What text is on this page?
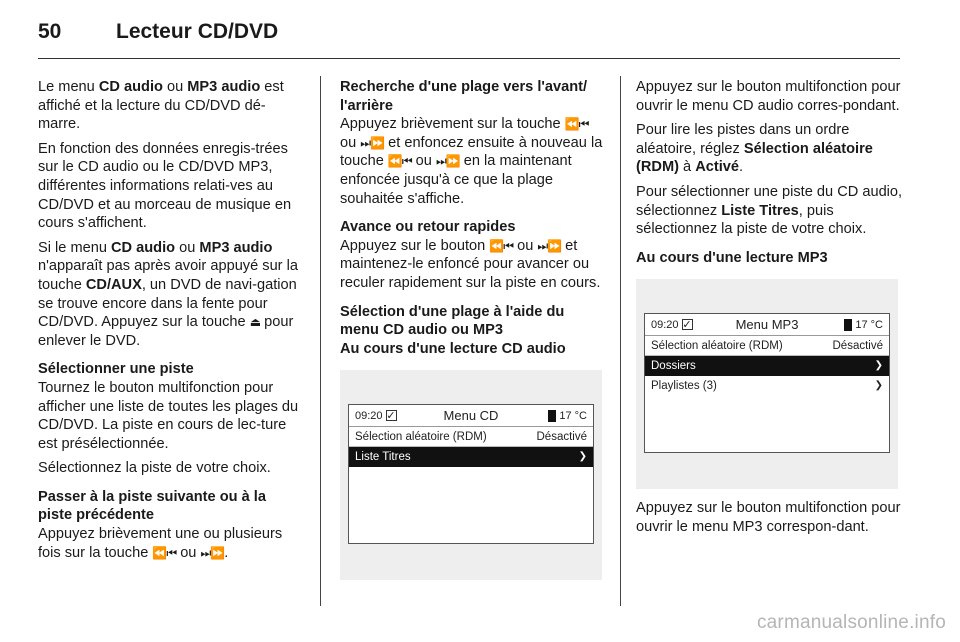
50	Lecteur CD/DVD

Le menu CD audio ou MP3 audio est affiché et la lecture du CD/DVD dé-marre.

En fonction des données enregis-trées sur le CD audio ou le CD/DVD MP3, différentes informations relati-ves au CD/DVD et au morceau de musique en cours s'affichent.

Si le menu CD audio ou MP3 audio n'apparaît pas après avoir appuyé sur la touche CD/AUX, un DVD de navi-gation se trouve encore dans la fente pour CD/DVD. Appuyez sur la touche ⏏ pour enlever le DVD.

Sélectionner une piste

Tournez le bouton multifonction pour afficher une liste de toutes les plages du CD/DVD. La piste en cours de lec-ture est présélectionnée.

Sélectionnez la piste de votre choix.

Passer à la piste suivante ou à la piste précédente

Appuyez brièvement une ou plusieurs fois sur la touche ⏪⏮ ou ⏭⏩.

Recherche d'une plage vers l'avant/ l'arrière

Appuyez brièvement sur la touche ⏪⏮ ou ⏭⏩ et enfoncez ensuite à nouveau la touche ⏪⏮ ou ⏭⏩ en la maintenant enfoncée jusqu'à ce que la plage souhaitée s'affiche.

Avance ou retour rapides

Appuyez sur le bouton ⏪⏮ ou ⏭⏩ et maintenez-le enfoncé pour avancer ou reculer rapidement sur la piste en cours.

Sélection d'une plage à l'aide du menu CD audio ou MP3

Au cours d'une lecture CD audio

09:20 ✓	Menu CD	17 °C
Sélection aléatoire (RDM)	Désactivé
Liste Titres	❯

Appuyez sur le bouton multifonction pour ouvrir le menu CD audio corres-pondant.

Pour lire les pistes dans un ordre aléatoire, réglez Sélection aléatoire (RDM) à Activé.

Pour sélectionner une piste du CD audio, sélectionnez Liste Titres, puis sélectionnez la piste de votre choix.

Au cours d'une lecture MP3

09:20 ✓	Menu MP3	17 °C
Sélection aléatoire (RDM)	Désactivé
Dossiers	❯
Playlistes (3)	❯

Appuyez sur le bouton multifonction pour ouvrir le menu MP3 correspon-dant.

carmanualsonline.info
